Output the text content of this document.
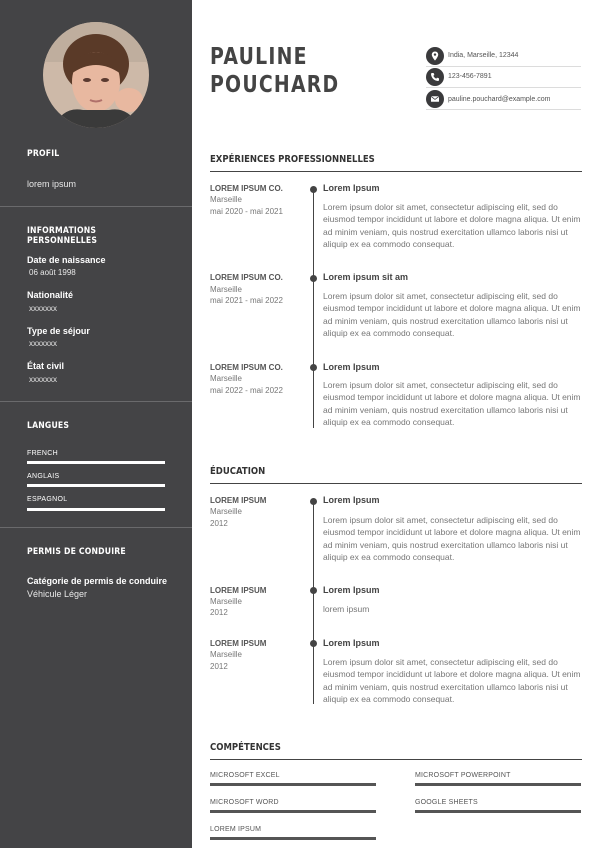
PROFIL
lorem ipsum
INFORMATIONS PERSONNELLES
Date de naissance
06 août 1998
Nationalité
xxxxxxx
Type de séjour
xxxxxxx
État civil
xxxxxxx
LANGUES
FRENCH
ANGLAIS
ESPAGNOL
PERMIS DE CONDUIRE
Catégorie de permis de conduire
Véhicule Léger
PAULINE
POUCHARD
India, Marseille, 12344
123-456-7891
pauline.pouchard@example.com
EXPÉRIENCES PROFESSIONNELLES
LOREM IPSUM CO.
Marseille
mai 2020 - mai 2021
Lorem Ipsum
Lorem ipsum dolor sit amet, consectetur adipiscing elit, sed do eiusmod tempor incididunt ut labore et dolore magna aliqua. Ut enim ad minim veniam, quis nostrud exercitation ullamco laboris nisi ut aliquip ex ea commodo consequat.
LOREM IPSUM CO.
Marseille
mai 2021 - mai 2022
Lorem ipsum sit am
Lorem ipsum dolor sit amet, consectetur adipiscing elit, sed do eiusmod tempor incididunt ut labore et dolore magna aliqua. Ut enim ad minim veniam, quis nostrud exercitation ullamco laboris nisi ut aliquip ex ea commodo consequat.
LOREM IPSUM CO.
Marseille
mai 2022 - mai 2022
Lorem Ipsum
Lorem ipsum dolor sit amet, consectetur adipiscing elit, sed do eiusmod tempor incididunt ut labore et dolore magna aliqua. Ut enim ad minim veniam, quis nostrud exercitation ullamco laboris nisi ut aliquip ex ea commodo consequat.
ÉDUCATION
LOREM IPSUM
Marseille
2012
Lorem Ipsum
Lorem ipsum dolor sit amet, consectetur adipiscing elit, sed do eiusmod tempor incididunt ut labore et dolore magna aliqua. Ut enim ad minim veniam, quis nostrud exercitation ullamco laboris nisi ut aliquip ex ea commodo consequat.
LOREM IPSUM
Marseille
2012
Lorem Ipsum
lorem ipsum
LOREM IPSUM
Marseille
2012
Lorem Ipsum
Lorem ipsum dolor sit amet, consectetur adipiscing elit, sed do eiusmod tempor incididunt ut labore et dolore magna aliqua. Ut enim ad minim veniam, quis nostrud exercitation ullamco laboris nisi ut aliquip ex ea commodo consequat.
COMPÉTENCES
MICROSOFT EXCEL	MICROSOFT POWERPOINT
MICROSOFT WORD	GOOGLE SHEETS
LOREM IPSUM
